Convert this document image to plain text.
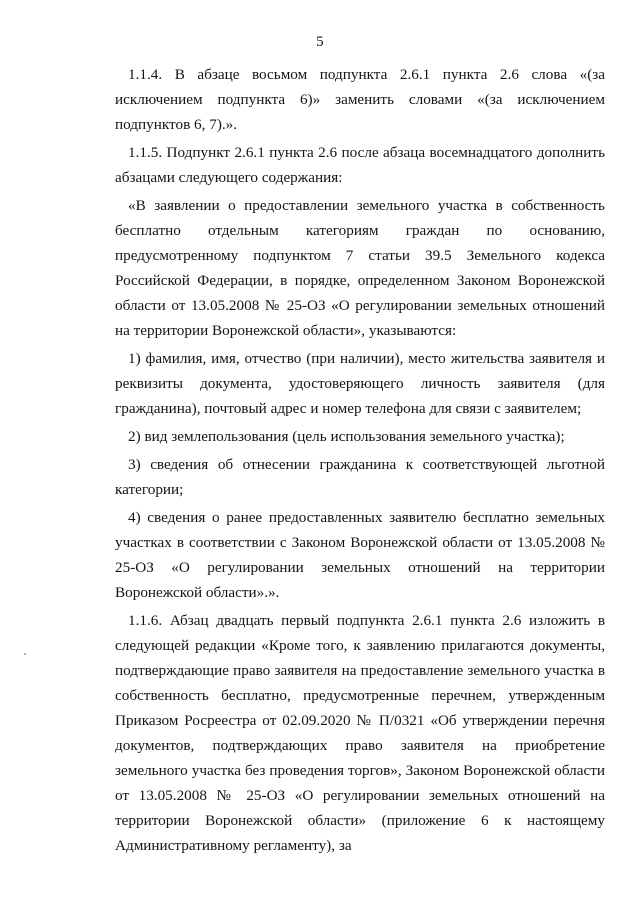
5

1.1.4. В абзаце восьмом подпункта 2.6.1 пункта 2.6 слова «(за исключением подпункта 6)» заменить словами «(за исключением подпунктов 6, 7).».

1.1.5. Подпункт 2.6.1 пункта 2.6 после абзаца восемнадцатого дополнить абзацами следующего содержания:

«В заявлении о предоставлении земельного участка в собственность бесплатно отдельным категориям граждан по основанию, предусмотренному подпунктом 7 статьи 39.5 Земельного кодекса Российской Федерации, в порядке, определенном Законом Воронежской области от 13.05.2008 № 25-ОЗ «О регулировании земельных отношений на территории Воронежской области», указываются:

1) фамилия, имя, отчество (при наличии), место жительства заявителя и реквизиты документа, удостоверяющего личность заявителя (для гражданина), почтовый адрес и номер телефона для связи с заявителем;

2) вид землепользования (цель использования земельного участка);

3) сведения об отнесении гражданина к соответствующей льготной категории;

4) сведения о ранее предоставленных заявителю бесплатно земельных участках в соответствии с Законом Воронежской области от 13.05.2008 № 25-ОЗ «О регулировании земельных отношений на территории Воронежской области».».

1.1.6. Абзац двадцать первый подпункта 2.6.1 пункта 2.6 изложить в следующей редакции «Кроме того, к заявлению прилагаются документы, подтверждающие право заявителя на предоставление земельного участка в собственность бесплатно, предусмотренные перечнем, утвержденным Приказом Росреестра от 02.09.2020 № П/0321 «Об утверждении перечня документов, подтверждающих право заявителя на приобретение земельного участка без проведения торгов», Законом Воронежской области от 13.05.2008 № 25-ОЗ «О регулировании земельных отношений на территории Воронежской области» (приложение 6 к настоящему Административному регламенту), за
